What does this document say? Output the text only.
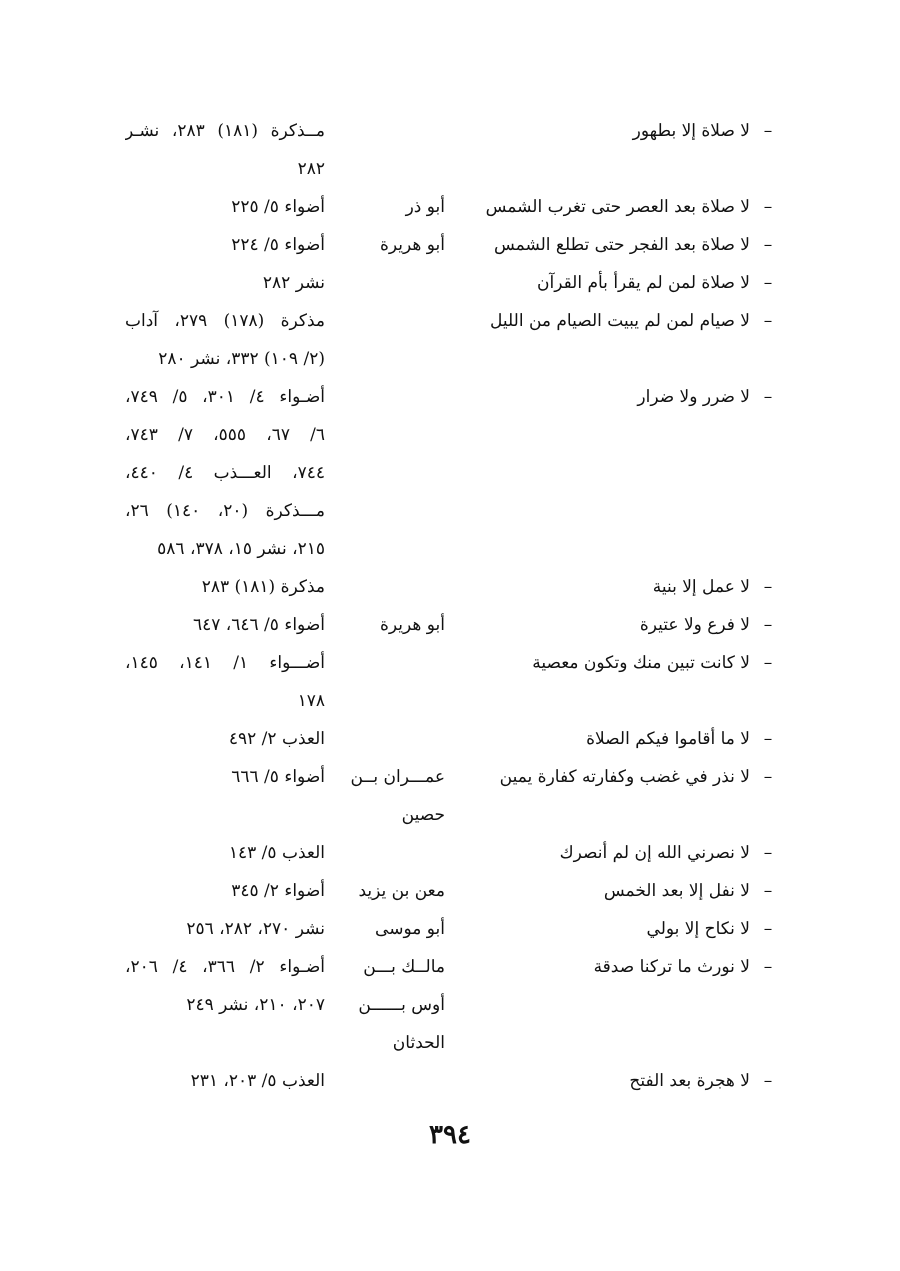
–
لا صلاة إلا بطهور
مــذكرة (١٨١) ٢٨٣، نشـر
٢٨٢
–
لا صلاة بعد العصر حتى تغرب الشمس
أبو ذر
أضواء ٥/ ٢٢٥
–
لا صلاة بعد الفجر حتى تطلع الشمس
أبو هريرة
أضواء ٥/ ٢٢٤
–
لا صلاة لمن لم يقرأ بأم القرآن
نشر ٢٨٢
–
لا صيام لمن لم يبيت الصيام من الليل
مذكرة (١٧٨) ٢٧٩، آداب
(٢/ ١٠٩) ٣٣٢، نشر ٢٨٠
–
لا ضرر ولا ضرار
أضـواء ٤/ ٣٠١، ٥/ ٧٤٩،
٦/ ٦٧، ٥٥٥، ٧/ ٧٤٣،
٧٤٤، العـــذب ٤/ ٤٤٠،
مـــذكرة (٢٠، ١٤٠) ٢٦،
٢١٥، نشر ١٥، ٣٧٨، ٥٨٦
–
لا عمل إلا بنية
مذكرة (١٨١) ٢٨٣
–
لا فرع ولا عتيرة
أبو هريرة
أضواء ٥/ ٦٤٦، ٦٤٧
–
لا كانت تبين منك وتكون معصية
أضـــواء ١/ ١٤١، ١٤٥،
١٧٨
–
لا ما أقاموا فيكم الصلاة
العذب ٢/ ٤٩٢
–
لا نذر في غضب وكفارته كفارة يمين
عمـــران بــن
أضواء ٥/ ٦٦٦
حصين
–
لا نصرني الله إن لم أنصرك
العذب ٥/ ١٤٣
–
لا نفل إلا بعد الخمس
معن بن يزيد
أضواء ٢/ ٣٤٥
–
لا نكاح إلا بولي
أبو موسى
نشر ٢٧٠، ٢٨٢، ٢٥٦
–
لا نورث ما تركنا صدقة
مالــك بـــن
أضـواء ٢/ ٣٦٦، ٤/ ٢٠٦،
أوس بــــــن
٢٠٧، ٢١٠، نشر ٢٤٩
الحدثان
–
لا هجرة بعد الفتح
العذب ٥/ ٢٠٣، ٢٣١
٣٩٤
